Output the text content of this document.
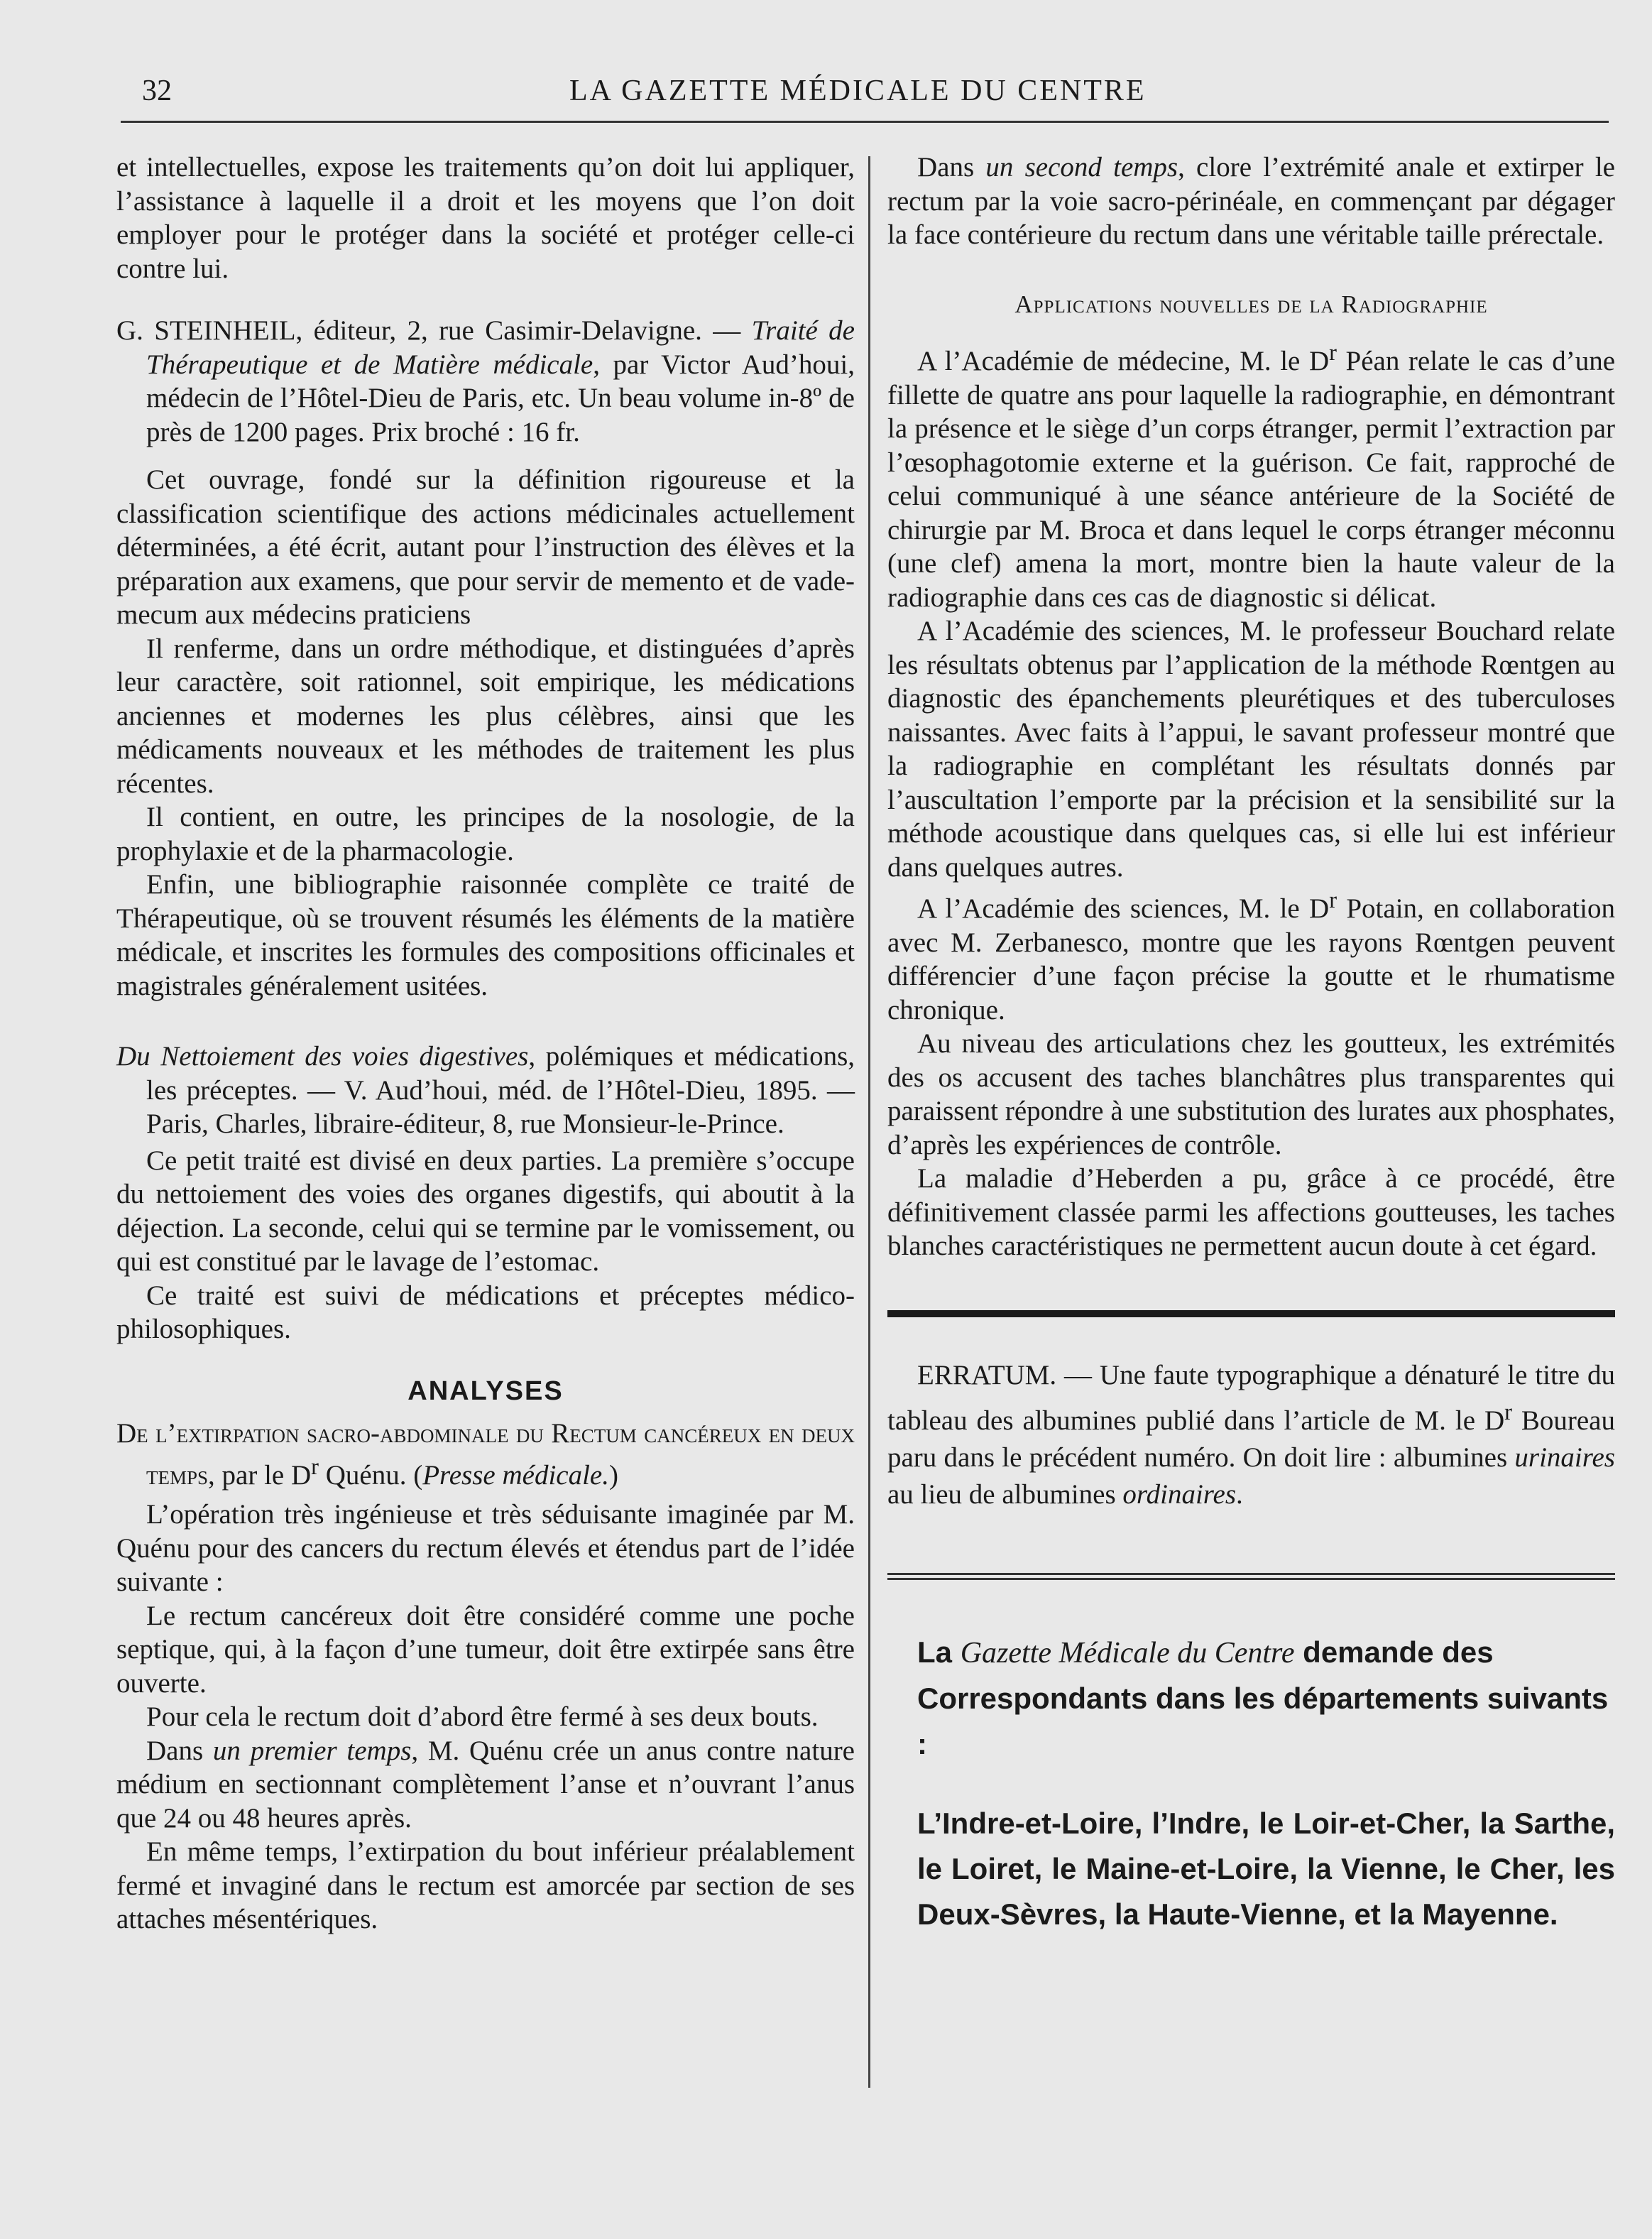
32	LA GAZETTE MÉDICALE DU CENTRE

et intellectuelles, expose les traitements qu’on doit lui appliquer, l’assistance à laquelle il a droit et les moyens que l’on doit employer pour le protéger dans la société et protéger celle-ci contre lui.

G. STEINHEIL, éditeur, 2, rue Casimir-Delavigne. — Traité de Thérapeutique et de Matière médicale, par Victor Aud’houi, médecin de l’Hôtel-Dieu de Paris, etc. Un beau volume in-8º de près de 1200 pages. Prix broché : 16 fr.

Cet ouvrage, fondé sur la définition rigoureuse et la classification scientifique des actions médicinales actuellement déterminées, a été écrit, autant pour l’instruction des élèves et la préparation aux examens, que pour servir de memento et de vade-mecum aux médecins praticiens

Il renferme, dans un ordre méthodique, et distinguées d’après leur caractère, soit rationnel, soit empirique, les médications anciennes et modernes les plus célèbres, ainsi que les médicaments nouveaux et les méthodes de traitement les plus récentes.

Il contient, en outre, les principes de la nosologie, de la prophylaxie et de la pharmacologie.

Enfin, une bibliographie raisonnée complète ce traité de Thérapeutique, où se trouvent résumés les éléments de la matière médicale, et inscrites les formules des compositions officinales et magistrales généralement usitées.

Du Nettoiement des voies digestives, polémiques et médications, les préceptes. — V. Aud’houi, méd. de l’Hôtel-Dieu, 1895. — Paris, Charles, libraire-éditeur, 8, rue Monsieur-le-Prince.

Ce petit traité est divisé en deux parties. La première s’occupe du nettoiement des voies des organes digestifs, qui aboutit à la déjection. La seconde, celui qui se termine par le vomissement, ou qui est constitué par le lavage de l’estomac.

Ce traité est suivi de médications et préceptes médico-philosophiques.

ANALYSES

De l’extirpation sacro-abdominale du Rectum cancéreux en deux temps, par le $D^r$ Quénu. (Presse médicale.)

L’opération très ingénieuse et très séduisante imaginée par M. Quénu pour des cancers du rectum élevés et étendus part de l’idée suivante :

Le rectum cancéreux doit être considéré comme une poche septique, qui, à la façon d’une tumeur, doit être extirpée sans être ouverte.

Pour cela le rectum doit d’abord être fermé à ses deux bouts.

Dans un premier temps, M. Quénu crée un anus contre nature médium en sectionnant complètement l’anse et n’ouvrant l’anus que 24 ou 48 heures après.

En même temps, l’extirpation du bout inférieur préalablement fermé et invaginé dans le rectum est amorcée par section de ses attaches mésentériques.

Dans un second temps, clore l’extrémité anale et extirper le rectum par la voie sacro-périnéale, en commençant par dégager la face contérieure du rectum dans une véritable taille prérectale.

Applications nouvelles de la Radiographie

A l’Académie de médecine, M. le $D^r$ Péan relate le cas d’une fillette de quatre ans pour laquelle la radiographie, en démontrant la présence et le siège d’un corps étranger, permit l’extraction par l’œsophagotomie externe et la guérison. Ce fait, rapproché de celui communiqué à une séance antérieure de la Société de chirurgie par M. Broca et dans lequel le corps étranger méconnu (une clef) amena la mort, montre bien la haute valeur de la radiographie dans ces cas de diagnostic si délicat.

A l’Académie des sciences, M. le professeur Bouchard relate les résultats obtenus par l’application de la méthode Rœntgen au diagnostic des épanchements pleurétiques et des tuberculoses naissantes. Avec faits à l’appui, le savant professeur montré que la radiographie en complétant les résultats donnés par l’auscultation l’emporte par la précision et la sensibilité sur la méthode acoustique dans quelques cas, si elle lui est inférieur dans quelques autres.

A l’Académie des sciences, M. le $D^r$ Potain, en collaboration avec M. Zerbanesco, montre que les rayons Rœntgen peuvent différencier d’une façon précise la goutte et le rhumatisme chronique.

Au niveau des articulations chez les goutteux, les extrémités des os accusent des taches blanchâtres plus transparentes qui paraissent répondre à une substitution des lurates aux phosphates, d’après les expériences de contrôle.

La maladie d’Heberden a pu, grâce à ce procédé, être définitivement classée parmi les affections goutteuses, les taches blanches caractéristiques ne permettent aucun doute à cet égard.

ERRATUM. — Une faute typographique a dénaturé le titre du tableau des albumines publié dans l’article de M. le $D^r$ Boureau paru dans le précédent numéro. On doit lire : albumines urinaires au lieu de albumines ordinaires.

La Gazette Médicale du Centre demande des Correspondants dans les départements suivants :

L’Indre-et-Loire, l’Indre, le Loir-et-Cher, la Sarthe, le Loiret, le Maine-et-Loire, la Vienne, le Cher, les Deux-Sèvres, la Haute-Vienne, et la Mayenne.
